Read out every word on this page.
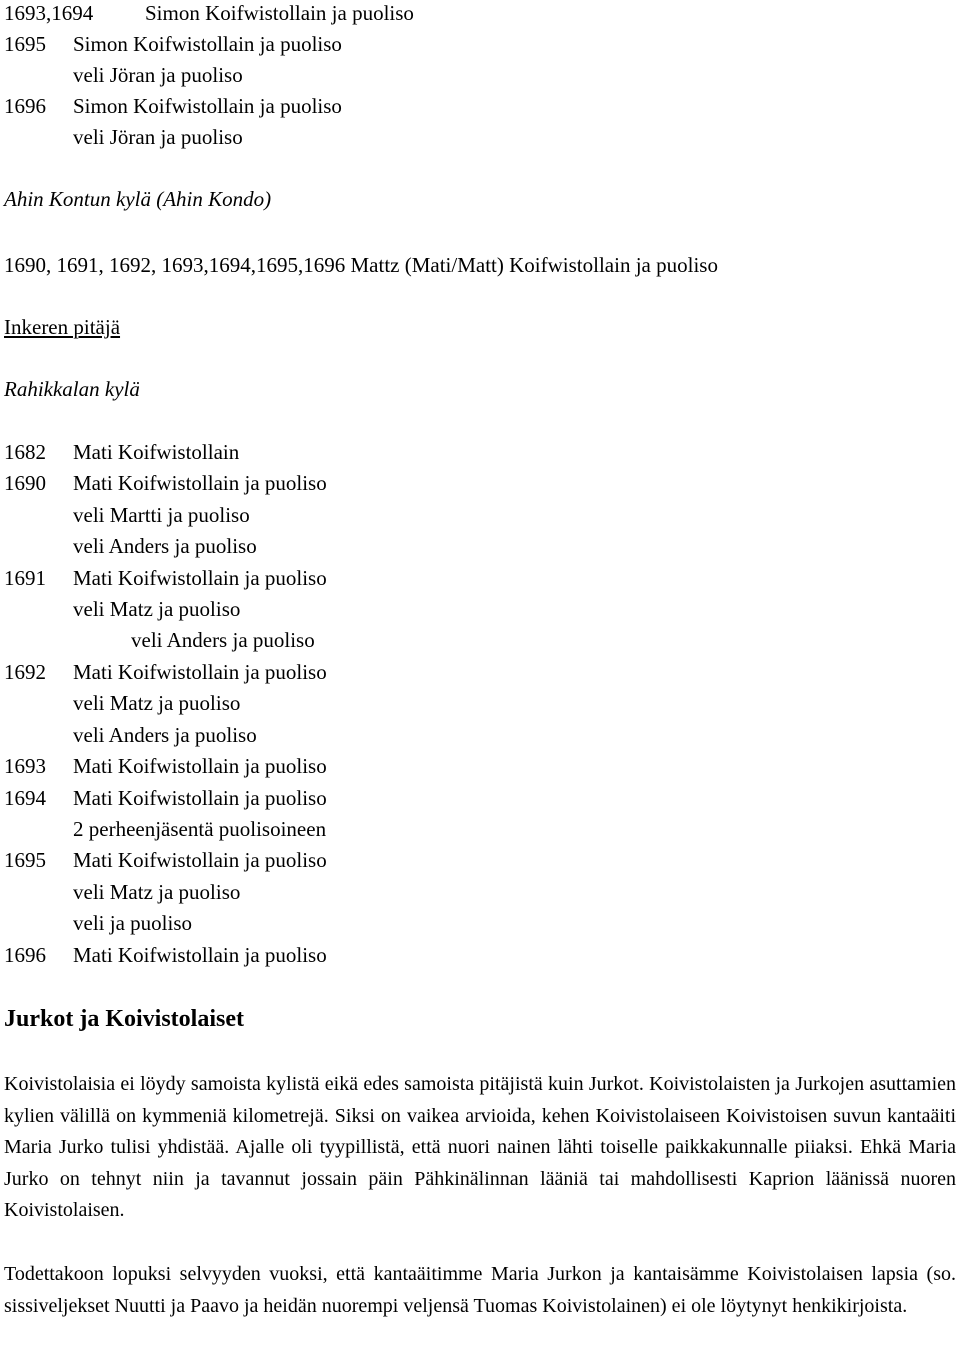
1693,1694 Simon Koifwistollain ja puoliso
1695 Simon Koifwistollain ja puoliso
veli Jöran ja puoliso
1696 Simon Koifwistollain ja puoliso
veli Jöran ja puoliso
Ahin Kontun kylä (Ahin Kondo)
1690, 1691, 1692, 1693,1694,1695,1696 Mattz (Mati/Matt) Koifwistollain ja puoliso
Inkeren pitäjä
Rahikkalan kylä
1682 Mati Koifwistollain
1690 Mati Koifwistollain ja puoliso
veli Martti ja puoliso
veli Anders ja puoliso
1691 Mati Koifwistollain ja puoliso
veli Matz ja puoliso
veli Anders ja puoliso
1692 Mati Koifwistollain ja puoliso
veli Matz ja puoliso
veli Anders ja puoliso
1693 Mati Koifwistollain ja puoliso
1694 Mati Koifwistollain ja puoliso
2 perheenjäsentä puolisoineen
1695 Mati Koifwistollain ja puoliso
veli Matz ja puoliso
veli ja puoliso
1696 Mati Koifwistollain ja puoliso
Jurkot ja Koivistolaiset

Koivistolaisia ei löydy samoista kylistä eikä edes samoista pitäjistä kuin Jurkot. Koivistolaisten ja Jurkojen asuttamien kylien välillä on kymmeniä kilometrejä. Siksi on vaikea arvioida, kehen Koivistolaiseen Koivistoisen suvun kantaäiti Maria Jurko tulisi yhdistää. Ajalle oli tyypillistä, että nuori nainen lähti toiselle paikkakunnalle piiaksi. Ehkä Maria Jurko on tehnyt niin ja tavannut jossain päin Pähkinälinnan lääniä tai mahdollisesti Kaprion läänissä nuoren Koivistolaisen.

Todettakoon lopuksi selvyyden vuoksi, että kantaäitimme Maria Jurkon ja kantaisämme Koivistolaisen lapsia (so. sissiveljekset Nuutti ja Paavo ja heidän nuorempi veljensä Tuomas Koivistolainen) ei ole löytynyt henkikirjoista.
